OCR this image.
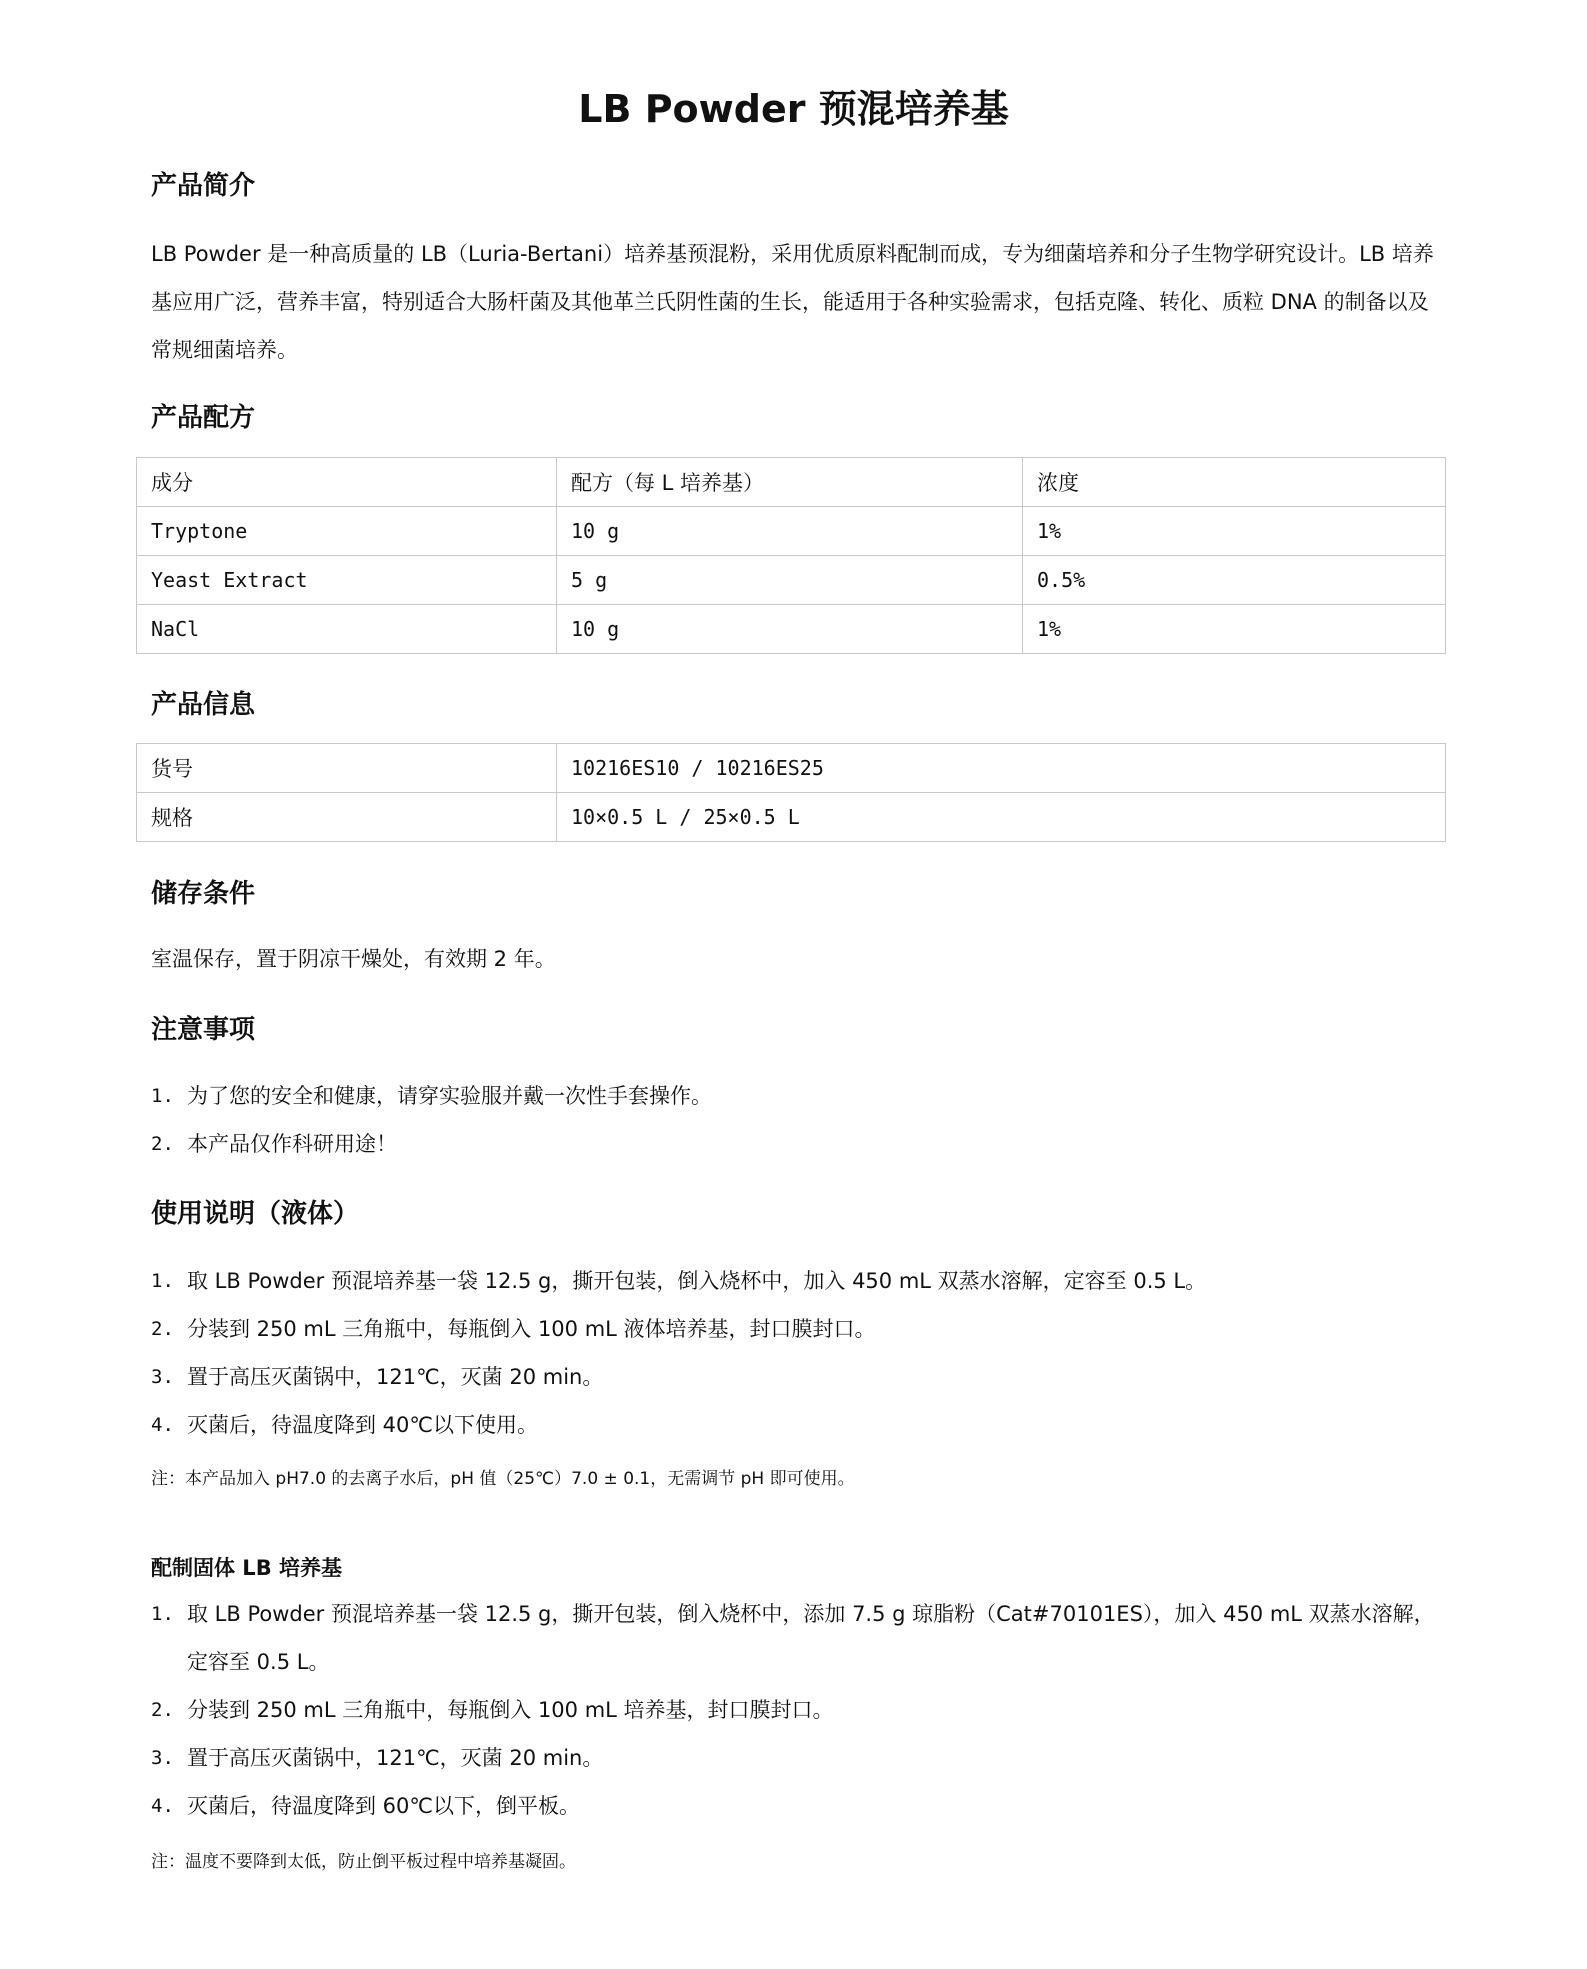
LB Powder 预混培养基
产品简介

LB Powder 是一种高质量的 LB（Luria-Bertani）培养基预混粉，采用优质原料配制而成，专为细菌培养和分子生物学研究设计。LB 培养基应用广泛，营养丰富，特别适合大肠杆菌及其他革兰氏阴性菌的生长，能适用于各种实验需求，包括克隆、转化、质粒 DNA 的制备以及常规细菌培养。

产品配方
成分	配方（每 L 培养基）	浓度
Tryptone	10 g	1%
Yeast Extract	5 g	0.5%
NaCl	10 g	1%
产品信息
货号	10216ES10 / 10216ES25
规格	10×0.5 L / 25×0.5 L
储存条件

室温保存，置于阴凉干燥处，有效期 2 年。

注意事项
1. 为了您的安全和健康，请穿实验服并戴一次性手套操作。
2. 本产品仅作科研用途！
使用说明（液体）
1. 取 LB Powder 预混培养基一袋 12.5 g，撕开包装，倒入烧杯中，加入 450 mL 双蒸水溶解，定容至 0.5 L。
2. 分装到 250 mL 三角瓶中，每瓶倒入 100 mL 液体培养基，封口膜封口。
3. 置于高压灭菌锅中，121℃，灭菌 20 min。
4. 灭菌后，待温度降到 40℃以下使用。

注：本产品加入 pH7.0 的去离子水后，pH 值（25℃）7.0 ± 0.1，无需调节 pH 即可使用。

配制固体 LB 培养基
1. 取 LB Powder 预混培养基一袋 12.5 g，撕开包装，倒入烧杯中，添加 7.5 g 琼脂粉（Cat#70101ES），加入 450 mL 双蒸水溶解，定容至 0.5 L。
2. 分装到 250 mL 三角瓶中，每瓶倒入 100 mL 培养基，封口膜封口。
3. 置于高压灭菌锅中，121℃，灭菌 20 min。
4. 灭菌后，待温度降到 60℃以下，倒平板。

注：温度不要降到太低，防止倒平板过程中培养基凝固。
